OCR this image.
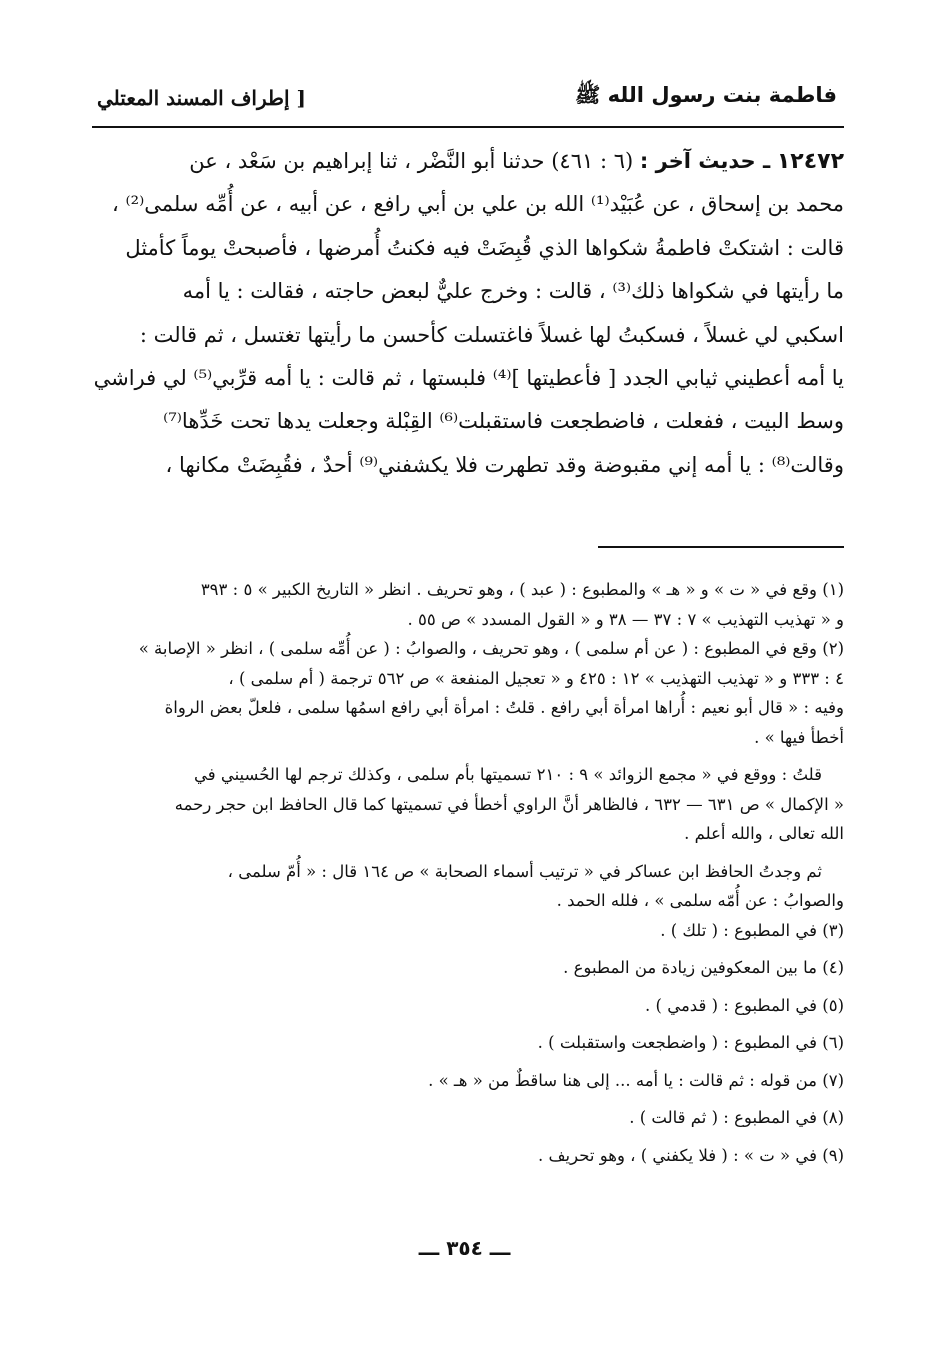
فاطمة بنت رسول الله ﷺ
[ إطراف المسند المعتلي

١٢٤٧٢ ـ حديث آخر : (٦ : ٤٦١) حدثنا أبو النَّضْر ، ثنا إبراهيم بن سَعْد ، عن

محمد بن إسحاق ، عن عُبَيْد⁽¹⁾ الله بن علي بن أبي رافع ، عن أبيه ، عن أُمِّه سلمى⁽²⁾ ،

قالت : اشتكتْ فاطمةُ شكواها الذي قُبِضَتْ فيه فكنتُ أُمرضها ، فأصبحتْ يوماً كأمثل

ما رأيتها في شكواها ذلك⁽³⁾ ، قالت : وخرج عليٌّ لبعض حاجته ، فقالت : يا أمه

اسكبي لي غسلاً ، فسكبتُ لها غسلاً فاغتسلت كأحسن ما رأيتها تغتسل ، ثم قالت :

يا أمه أعطيني ثيابي الجدد [ فأعطيتها ]⁽⁴⁾ فلبستها ، ثم قالت : يا أمه قرِّبي⁽⁵⁾ لي فراشي

وسط البيت ، ففعلت ، فاضطجعت فاستقبلت⁽⁶⁾ القِبْلة وجعلت يدها تحت خَدِّها⁽⁷⁾

وقالت⁽⁸⁾ : يا أمه إني مقبوضة وقد تطهرت فلا يكشفني⁽⁹⁾ أحدٌ ، فقُبِضَتْ مكانها ،

(١) وقع في « ت » و « هـ » والمطبوع : ( عبد ) ، وهو تحريف . انظر « التاريخ الكبير » ٥ : ٣٩٣

و « تهذيب التهذيب » ٧ : ٣٧ — ٣٨ و « القول المسدد » ص ٥٥ .

(٢) وقع في المطبوع : ( عن أم سلمى ) ، وهو تحريف ، والصوابُ : ( عن أُمِّه سلمى ) ، انظر « الإصابة »

٤ : ٣٣٣ و « تهذيب التهذيب » ١٢ : ٤٢٥ و « تعجيل المنفعة » ص ٥٦٢ ترجمة ( أم سلمى ) ،

وفيه : « قال أبو نعيم : أُراها امرأة أبي رافع . قلتُ : امرأة أبي رافع اسمُها سلمى ، فلعلّ بعض الرواة

أخطأ فيها » .

قلتُ : ووقع في « مجمع الزوائد » ٩ : ٢١٠ تسميتها بأم سلمى ، وكذلك ترجم لها الحُسيني في

« الإكمال » ص ٦٣١ — ٦٣٢ ، فالظاهر أنَّ الراوي أخطأ في تسميتها كما قال الحافظ ابن حجر رحمه

الله تعالى ، والله أعلم .

ثم وجدتُ الحافظ ابن عساكر في « ترتيب أسماء الصحابة » ص ١٦٤ قال : « أُمّ سلمى ،

والصوابُ : عن أُمّه سلمى » ، فلله الحمد .

(٣) في المطبوع : ( تلك ) .

(٤) ما بين المعكوفين زيادة من المطبوع .

(٥) في المطبوع : ( قدمي ) .

(٦) في المطبوع : ( واضطجعت واستقبلت ) .

(٧) من قوله : ثم قالت : يا أمه ... إلى هنا ساقطٌ من « هـ » .

(٨) في المطبوع : ( ثم قالت ) .

(٩) في « ت » : ( فلا يكفني ) ، وهو تحريف .

ـــ ٣٥٤ ـــ
